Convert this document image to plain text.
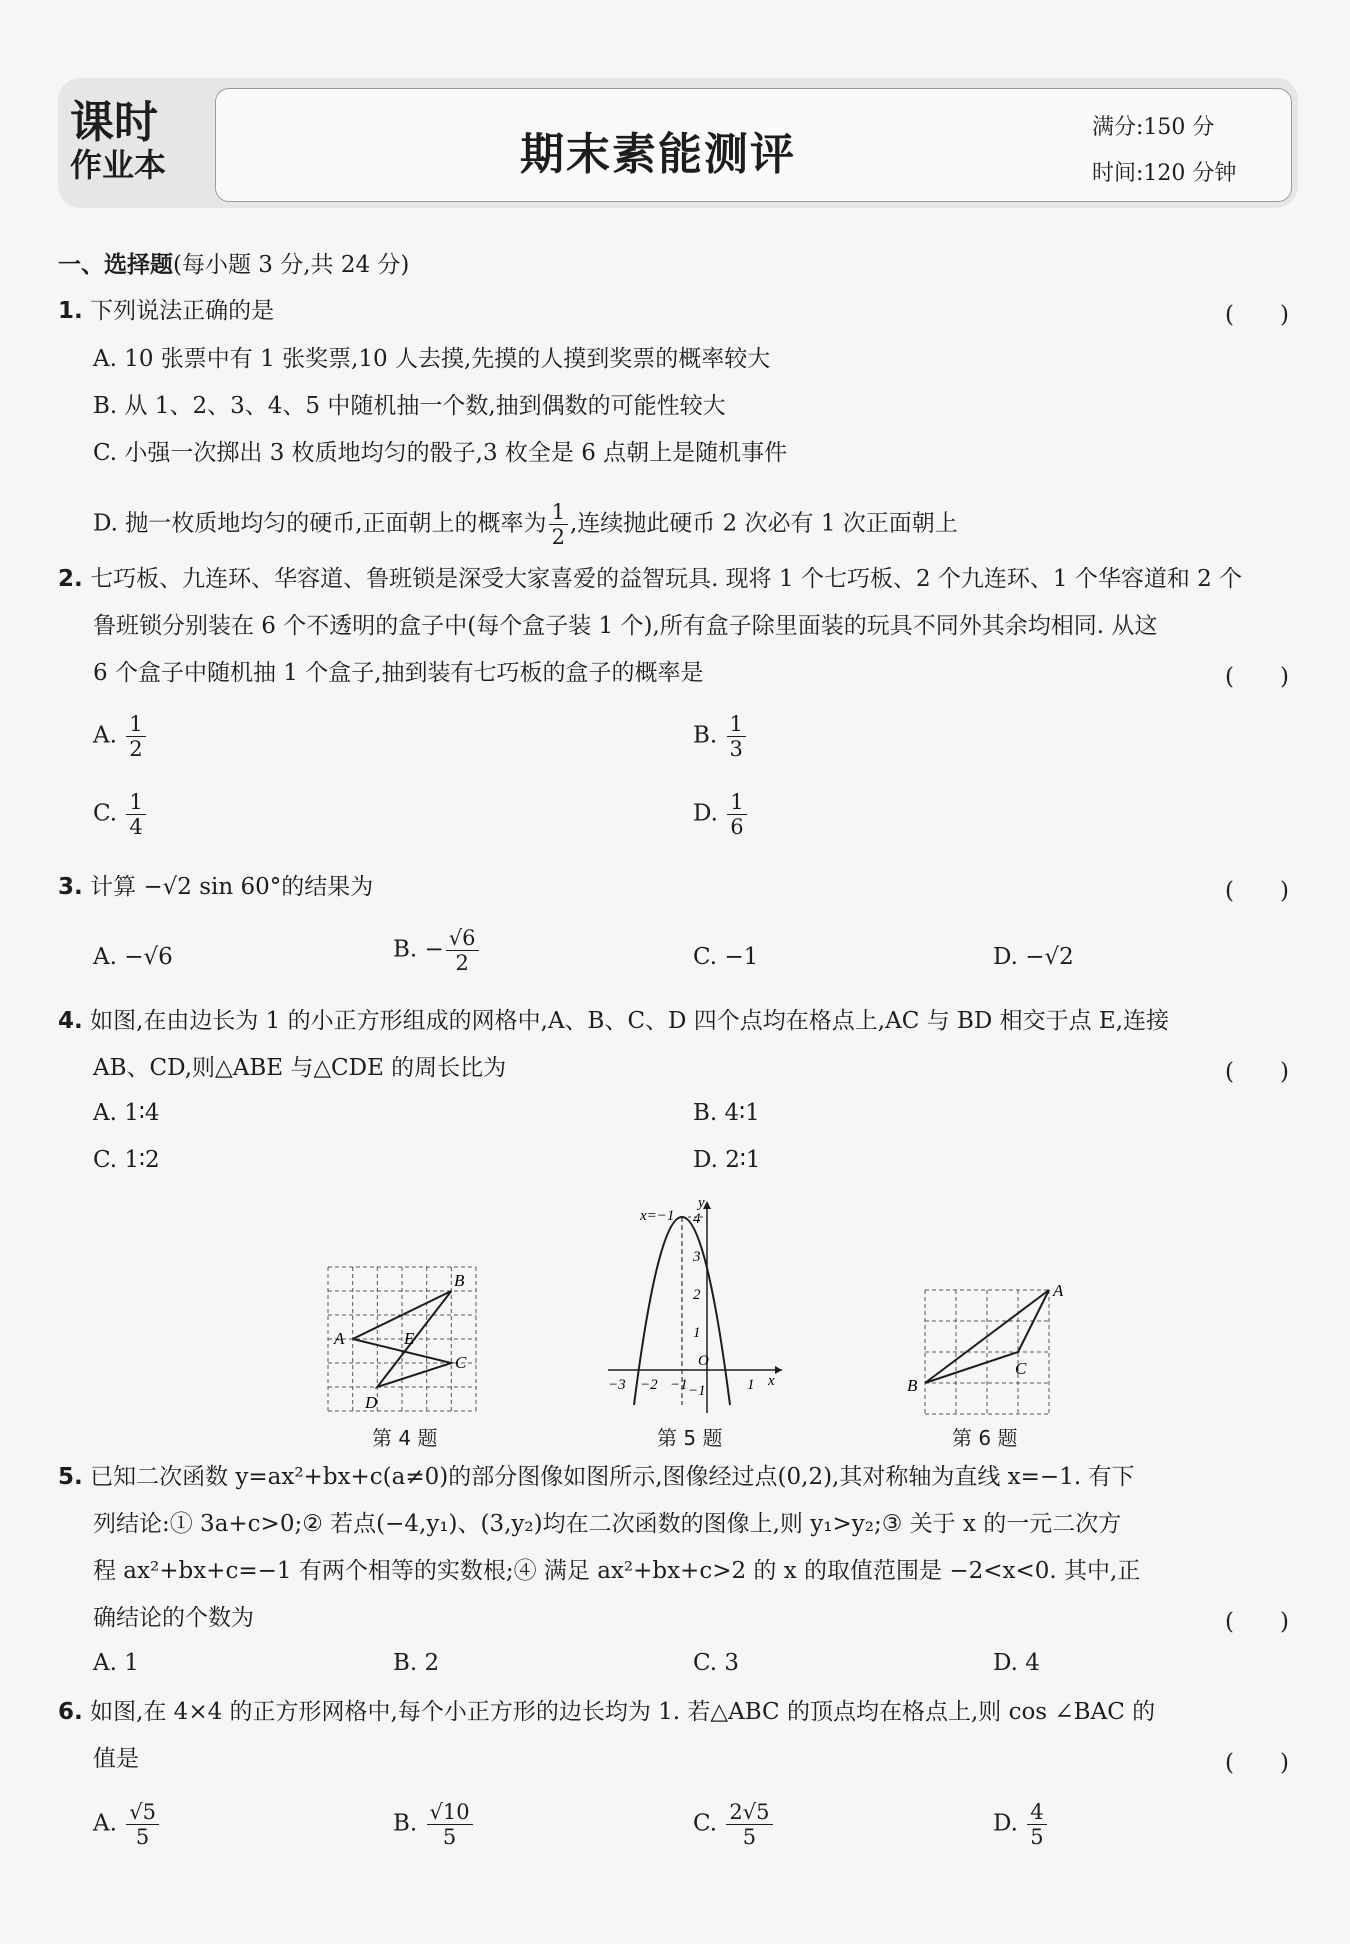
课时
作业本	期末素能测评
满分:150 分
时间:120 分钟
一、选择题(每小题 3 分,共 24 分)
1. 下列说法正确的是	(　　)
A. 10 张票中有 1 张奖票,10 人去摸,先摸的人摸到奖票的概率较大
B. 从 1、2、3、4、5 中随机抽一个数,抽到偶数的可能性较大
C. 小强一次掷出 3 枚质地均匀的骰子,3 枚全是 6 点朝上是随机事件
D. 抛一枚质地均匀的硬币,正面朝上的概率为 $\frac{1}{2}$ ,连续抛此硬币 2 次必有 1 次正面朝上
2. 七巧板、九连环、华容道、鲁班锁是深受大家喜爱的益智玩具. 现将 1 个七巧板、2 个九连环、1 个华容道和 2 个
鲁班锁分别装在 6 个不透明的盒子中(每个盒子装 1 个),所有盒子除里面装的玩具不同外其余均相同. 从这
6 个盒子中随机抽 1 个盒子,抽到装有七巧板的盒子的概率是	(　　)
A. $\frac{1}{2}$	B. $\frac{1}{3}$
C. $\frac{1}{4}$	D. $\frac{1}{6}$
3. 计算 −√2 sin 60°的结果为	(　　)
A. −√6	B. − $\frac{√6}{2}$	C. −1	D. −√2
4. 如图,在由边长为 1 的小正方形组成的网格中,A、B、C、D 四个点均在格点上,AC 与 BD 相交于点 E,连接
AB、CD,则△ABE 与△CDE 的周长比为	(　　)
A. 1∶4	B. 4∶1
C. 1∶2	D. 2∶1
A
B
C
D
E
第 4 题
x=−1
y
x
O
4
3
2
1
−1
−3 −2 −1	1
第 5 题
A
B
C
第 6 题
5. 已知二次函数 y=ax²+bx+c(a≠0)的部分图像如图所示,图像经过点(0,2),其对称轴为直线 x=−1. 有下
列结论:① 3a+c>0;② 若点(−4,y₁)、(3,y₂)均在二次函数的图像上,则 y₁>y₂;③ 关于 x 的一元二次方
程 ax²+bx+c=−1 有两个相等的实数根;④ 满足 ax²+bx+c>2 的 x 的取值范围是 −2<x<0. 其中,正
确结论的个数为	(　　)
A. 1	B. 2	C. 3	D. 4
6. 如图,在 4×4 的正方形网格中,每个小正方形的边长均为 1. 若△ABC 的顶点均在格点上,则 cos ∠BAC 的
值是	(　　)
A. $\frac{√5}{5}$	B. $\frac{√10}{5}$	C. $\frac{2√5}{5}$	D. $\frac{4}{5}$
